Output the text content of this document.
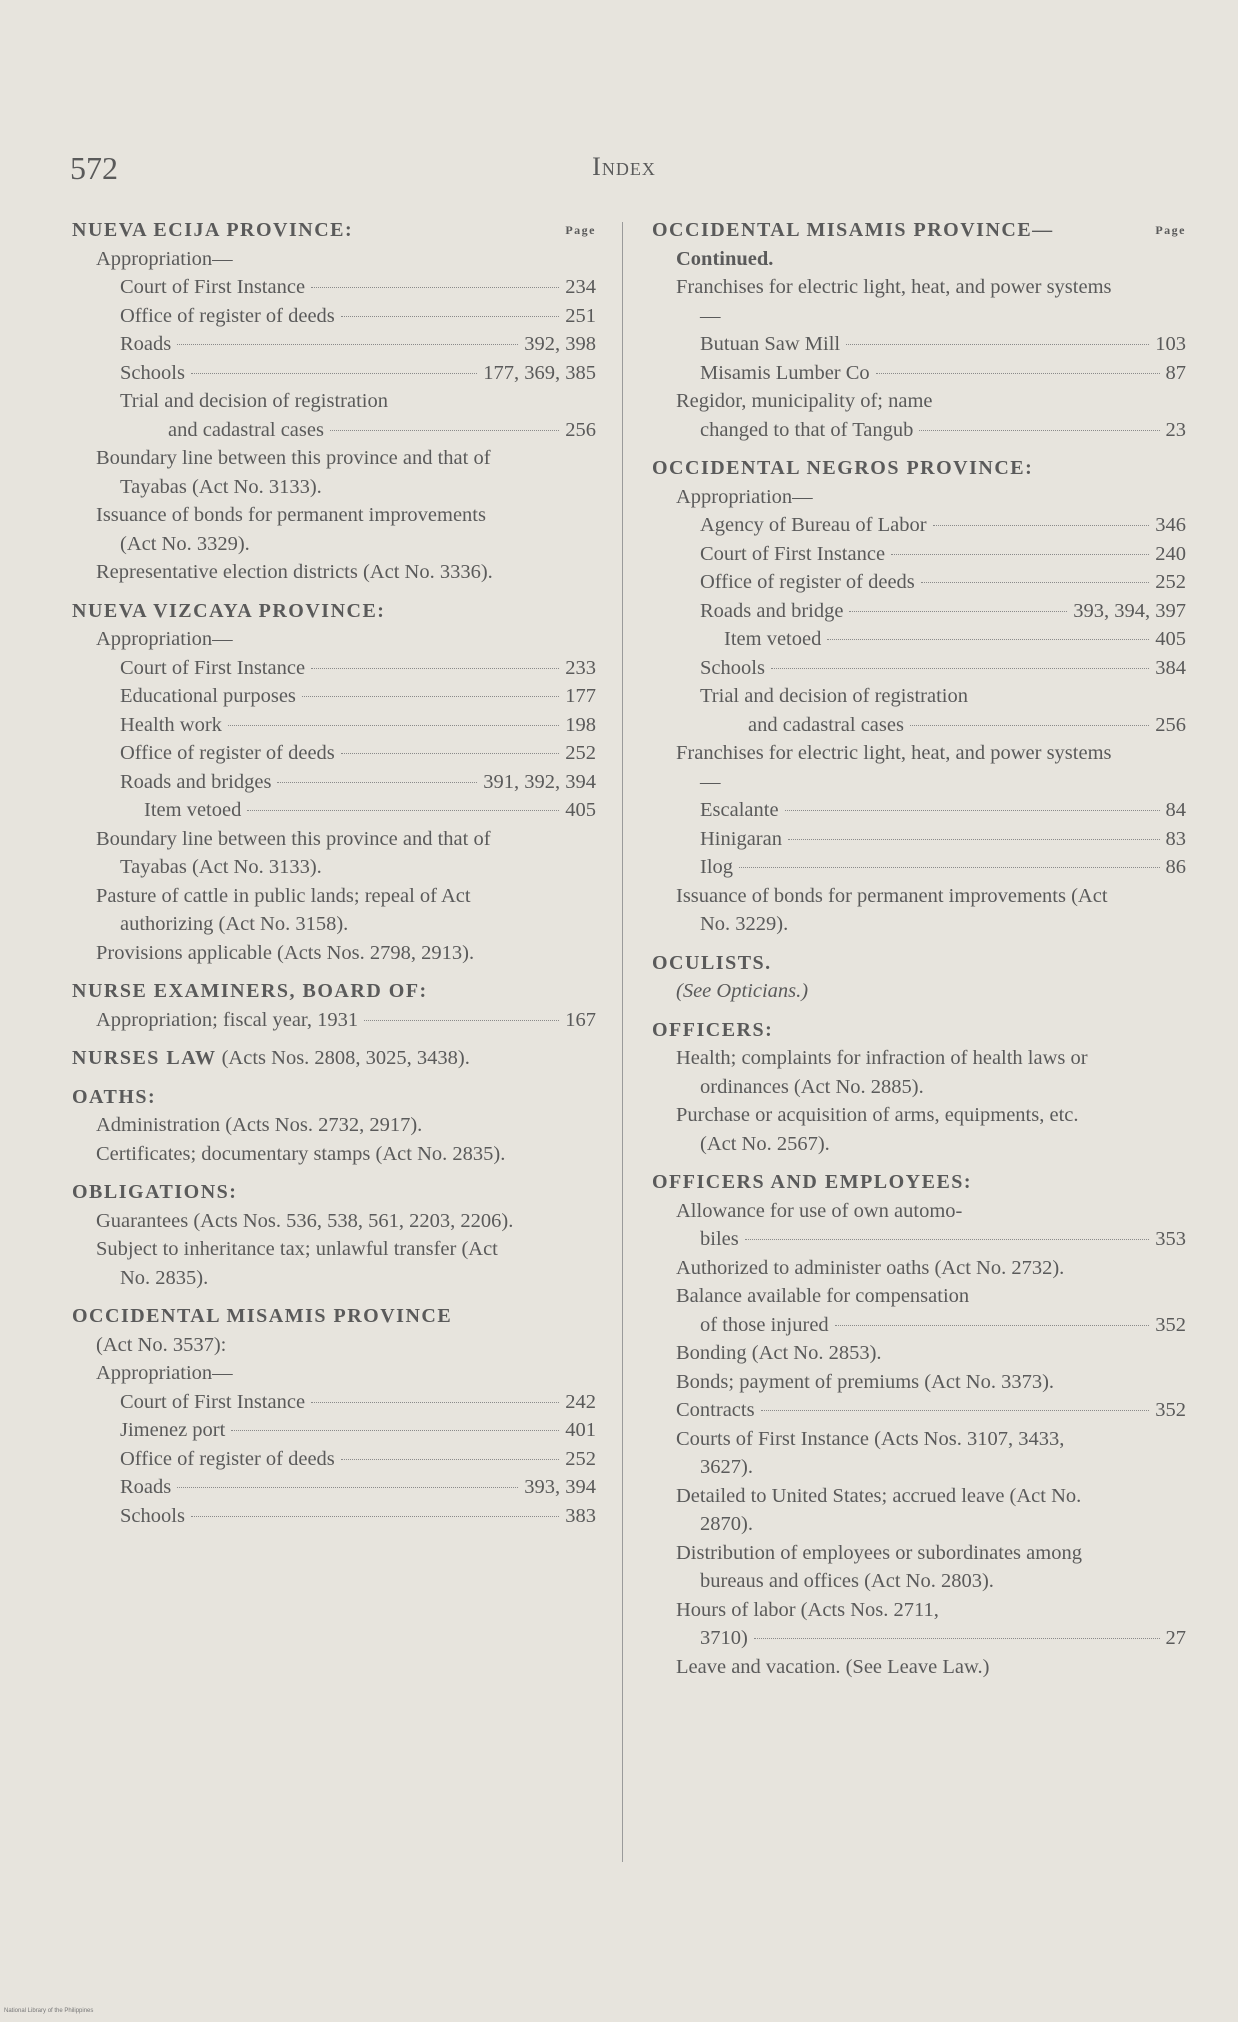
572	Index
NUEVA ECIJA PROVINCE:	Page
Appropriation—
Court of First Instance	234
Office of register of deeds	251
Roads	392, 398
Schools	177, 369, 385
Trial and decision of registration
and cadastral cases	256
Boundary line between this province and that of Tayabas (Act No. 3133).
Issuance of bonds for permanent improvements (Act No. 3329).
Representative election districts (Act No. 3336).
NUEVA VIZCAYA PROVINCE:
Appropriation—
Court of First Instance	233
Educational purposes	177
Health work	198
Office of register of deeds	252
Roads and bridges	391, 392, 394
Item vetoed	405
Boundary line between this province and that of Tayabas (Act No. 3133).
Pasture of cattle in public lands; repeal of Act authorizing (Act No. 3158).
Provisions applicable (Acts Nos. 2798, 2913).
NURSE EXAMINERS, BOARD OF:
Appropriation; fiscal year, 1931	167
NURSES LAW (Acts Nos. 2808, 3025, 3438).
OATHS:
Administration (Acts Nos. 2732, 2917).
Certificates; documentary stamps (Act No. 2835).
OBLIGATIONS:
Guarantees (Acts Nos. 536, 538, 561, 2203, 2206).
Subject to inheritance tax; unlawful transfer (Act No. 2835).
OCCIDENTAL MISAMIS PROVINCE
(Act No. 3537):
Appropriation—
Court of First Instance	242
Jimenez port	401
Office of register of deeds	252
Roads	393, 394
Schools	383
OCCIDENTAL MISAMIS PROVINCE—	Page
Continued.
Franchises for electric light, heat, and power systems—
Butuan Saw Mill	103
Misamis Lumber Co	87
Regidor, municipality of; name
changed to that of Tangub	23
OCCIDENTAL NEGROS PROVINCE:
Appropriation—
Agency of Bureau of Labor	346
Court of First Instance	240
Office of register of deeds	252
Roads and bridge	393, 394, 397
Item vetoed	405
Schools	384
Trial and decision of registration
and cadastral cases	256
Franchises for electric light, heat, and power systems—
Escalante	84
Hinigaran	83
Ilog	86
Issuance of bonds for permanent improvements (Act No. 3229).
OCULISTS.
(See Opticians.)
OFFICERS:
Health; complaints for infraction of health laws or ordinances (Act No. 2885).
Purchase or acquisition of arms, equipments, etc. (Act No. 2567).
OFFICERS AND EMPLOYEES:
Allowance for use of own automo-
biles	353
Authorized to administer oaths (Act No. 2732).
Balance available for compensation
of those injured	352
Bonding (Act No. 2853).
Bonds; payment of premiums (Act No. 3373).
Contracts	352
Courts of First Instance (Acts Nos. 3107, 3433, 3627).
Detailed to United States; accrued leave (Act No. 2870).
Distribution of employees or subordinates among bureaus and offices (Act No. 2803).
Hours of labor (Acts Nos. 2711,
3710)	27
Leave and vacation. (See Leave Law.)
National Library of the Philippines
